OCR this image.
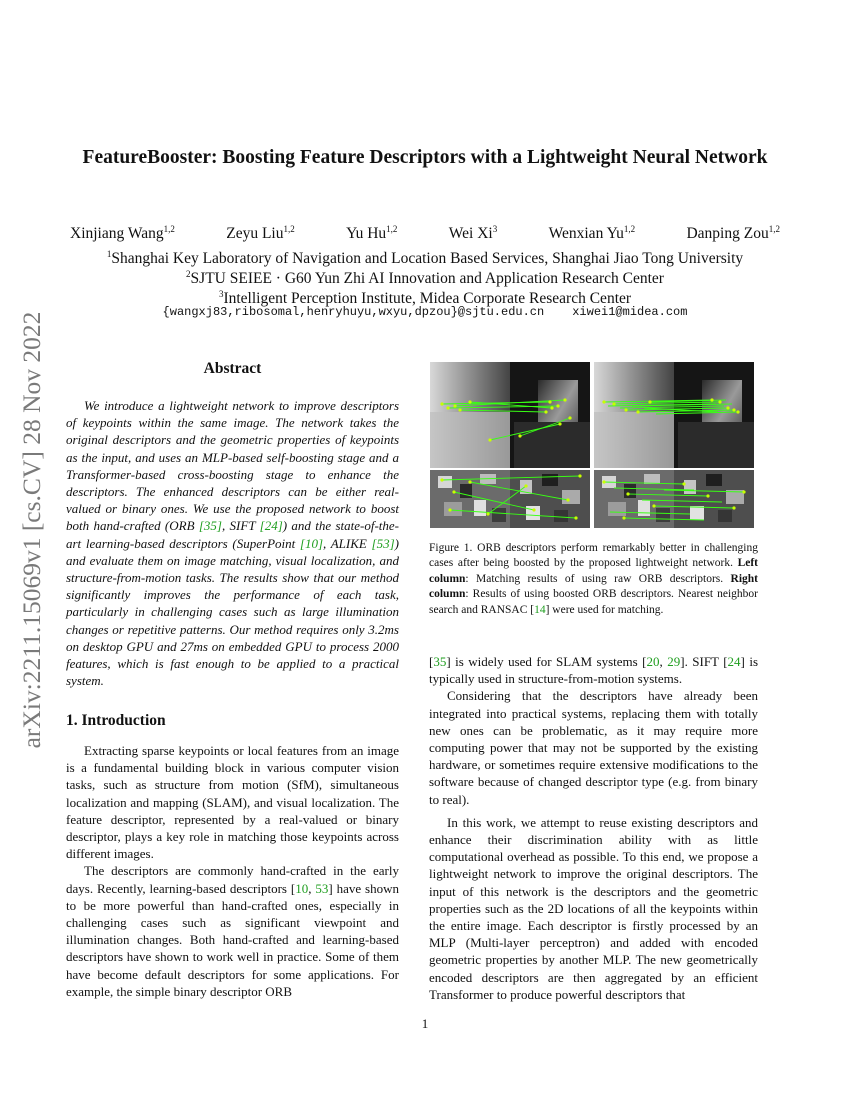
arXiv:2211.15069v1 [cs.CV] 28 Nov 2022
FeatureBooster: Boosting Feature Descriptors with a Lightweight Neural Network
Xinjiang Wang$^{1,2}$	Zeyu Liu$^{1,2}$	Yu Hu$^{1,2}$	Wei Xi$^3$	Wenxian Yu$^{1,2}$	Danping Zou$^{1,2}$
$^1$Shanghai Key Laboratory of Navigation and Location Based Services, Shanghai Jiao Tong University
$^2$SJTU SEIEE · G60 Yun Zhi AI Innovation and Application Research Center
$^3$Intelligent Perception Institute, Midea Corporate Research Center
{wangxj83,ribosomal,henryhuyu,wxyu,dpzou}@sjtu.edu.cn xiwei1@midea.com
Abstract

We introduce a lightweight network to improve descriptors of keypoints within the same image. The network takes the original descriptors and the geometric properties of keypoints as the input, and uses an MLP-based self-boosting stage and a Transformer-based cross-boosting stage to enhance the descriptors. The enhanced descriptors can be either real-valued or binary ones. We use the proposed network to boost both hand-crafted (ORB [35], SIFT [24]) and the state-of-the-art learning-based descriptors (SuperPoint [10], ALIKE [53]) and evaluate them on image matching, visual localization, and structure-from-motion tasks. The results show that our method significantly improves the performance of each task, particularly in challenging cases such as large illumination changes or repetitive patterns. Our method requires only 3.2ms on desktop GPU and 27ms on embedded GPU to process 2000 features, which is fast enough to be applied to a practical system.

1. Introduction

Extracting sparse keypoints or local features from an image is a fundamental building block in various computer vision tasks, such as structure from motion (SfM), simultaneous localization and mapping (SLAM), and visual localization. The feature descriptor, represented by a real-valued or binary descriptor, plays a key role in matching those keypoints across different images.

The descriptors are commonly hand-crafted in the early days. Recently, learning-based descriptors [10, 53] have shown to be more powerful than hand-crafted ones, especially in challenging cases such as significant viewpoint and illumination changes. Both hand-crafted and learning-based descriptors have shown to work well in practice. Some of them have become default descriptors for some applications. For example, the simple binary descriptor ORB

Figure 1. ORB descriptors perform remarkably better in challenging cases after being boosted by the proposed lightweight network. Left column: Matching results of using raw ORB descriptors. Right column: Results of using boosted ORB descriptors. Nearest neighbor search and RANSAC [14] were used for matching.

[35] is widely used for SLAM systems [20, 29]. SIFT [24] is typically used in structure-from-motion systems.

Considering that the descriptors have already been integrated into practical systems, replacing them with totally new ones can be problematic, as it may require more computing power that may not be supported by the existing hardware, or sometimes require extensive modifications to the software because of changed descriptor type (e.g. from binary to real).

In this work, we attempt to reuse existing descriptors and enhance their discrimination ability with as little computational overhead as possible. To this end, we propose a lightweight network to improve the original descriptors. The input of this network is the descriptors and the geometric properties such as the 2D locations of all the keypoints within the entire image. Each descriptor is firstly processed by an MLP (Multi-layer perceptron) and added with encoded geometric properties by another MLP. The new geometrically encoded descriptors are then aggregated by an efficient Transformer to produce powerful descriptors that

1
